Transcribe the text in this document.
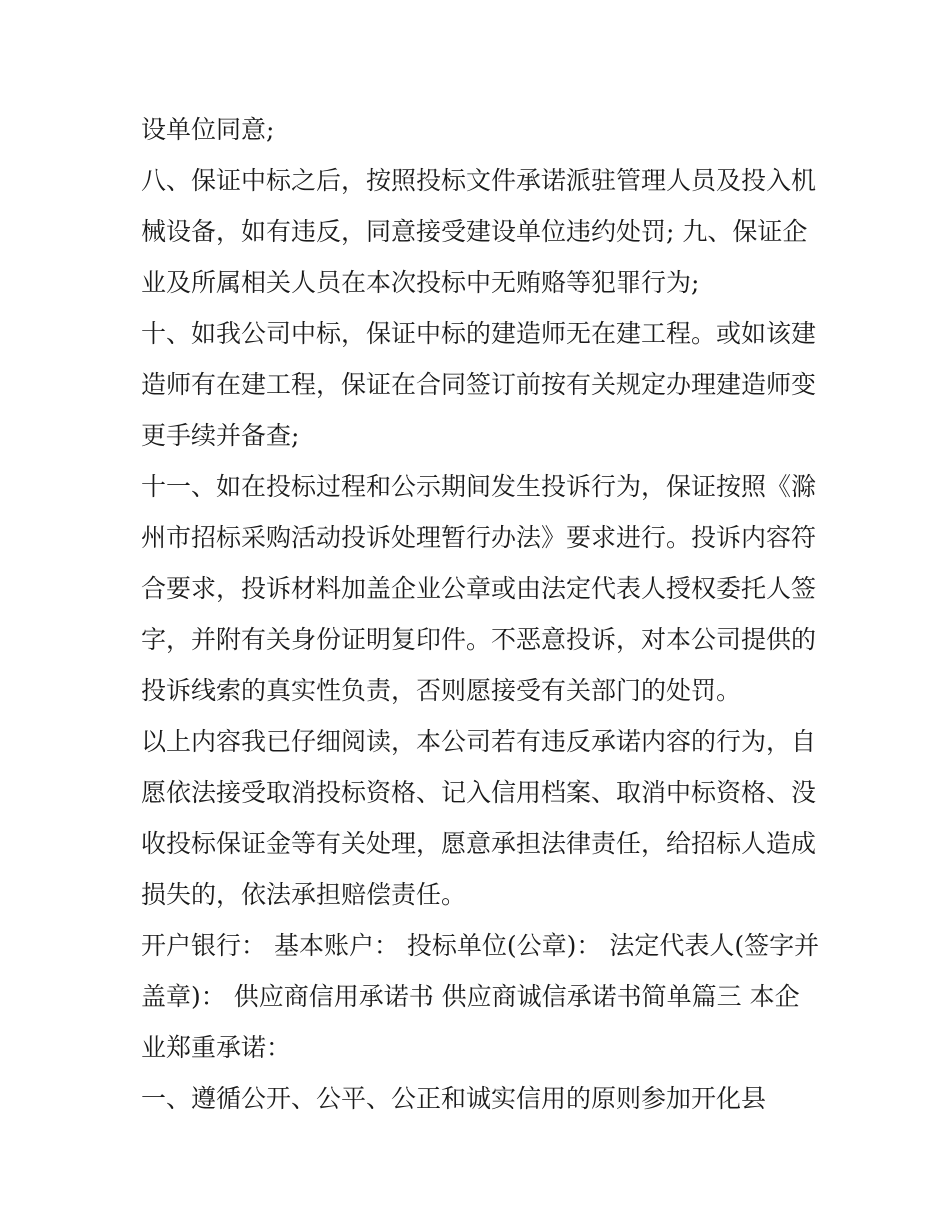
设单位同意;

八、保证中标之后，按照投标文件承诺派驻管理人员及投入机

械设备，如有违反，同意接受建设单位违约处罚; 九、保证企

业及所属相关人员在本次投标中无贿赂等犯罪行为;

十、如我公司中标，保证中标的建造师无在建工程。或如该建

造师有在建工程，保证在合同签订前按有关规定办理建造师变

更手续并备查;

十一、如在投标过程和公示期间发生投诉行为，保证按照《滁

州市招标采购活动投诉处理暂行办法》要求进行。投诉内容符

合要求，投诉材料加盖企业公章或由法定代表人授权委托人签

字，并附有关身份证明复印件。不恶意投诉，对本公司提供的

投诉线索的真实性负责，否则愿接受有关部门的处罚。

以上内容我已仔细阅读，本公司若有违反承诺内容的行为，自

愿依法接受取消投标资格、记入信用档案、取消中标资格、没

收投标保证金等有关处理，愿意承担法律责任，给招标人造成

损失的，依法承担赔偿责任。

开户银行： 基本账户： 投标单位(公章)： 法定代表人(签字并

盖章)： 供应商信用承诺书 供应商诚信承诺书简单篇三 本企

业郑重承诺：

一、遵循公开、公平、公正和诚实信用的原则参加开化县
